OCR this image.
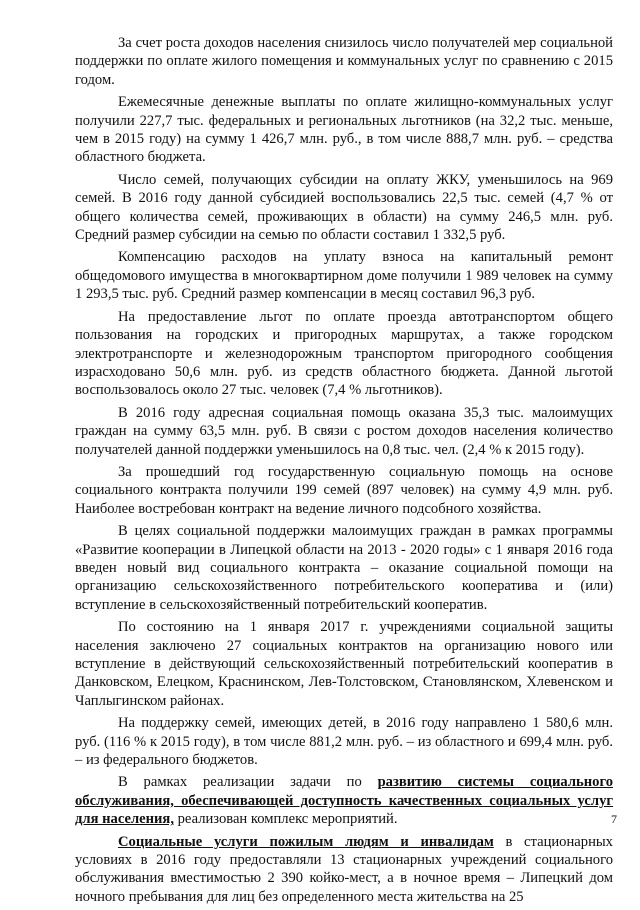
За счет роста доходов населения снизилось число получателей мер социальной поддержки по оплате жилого помещения и коммунальных услуг по сравнению с 2015 годом.

Ежемесячные денежные выплаты по оплате жилищно-коммунальных услуг получили 227,7 тыс. федеральных и региональных льготников (на 32,2 тыс. меньше, чем в 2015 году) на сумму 1 426,7 млн. руб., в том числе 888,7 млн. руб. – средства областного бюджета.

Число семей, получающих субсидии на оплату ЖКУ, уменьшилось на 969 семей. В 2016 году данной субсидией воспользовались 22,5 тыс. семей (4,7 % от общего количества семей, проживающих в области) на сумму 246,5 млн. руб. Средний размер субсидии на семью по области составил 1 332,5 руб.

Компенсацию расходов на уплату взноса на капитальный ремонт общедомового имущества в многоквартирном доме получили 1 989 человек на сумму 1 293,5 тыс. руб. Средний размер компенсации в месяц составил 96,3 руб.

На предоставление льгот по оплате проезда автотранспортом общего пользования на городских и пригородных маршрутах, а также городском электротранспорте и железнодорожным транспортом пригородного сообщения израсходовано 50,6 млн. руб. из средств областного бюджета. Данной льготой воспользовалось около 27 тыс. человек (7,4 % льготников).

В 2016 году адресная социальная помощь оказана 35,3 тыс. малоимущих граждан на сумму 63,5 млн. руб. В связи с ростом доходов населения количество получателей данной поддержки уменьшилось на 0,8 тыс. чел. (2,4 % к 2015 году).

За прошедший год государственную социальную помощь на основе социального контракта получили 199 семей (897 человек) на сумму 4,9 млн. руб. Наиболее востребован контракт на ведение личного подсобного хозяйства.

В целях социальной поддержки малоимущих граждан в рамках программы «Развитие кооперации в Липецкой области на 2013 - 2020 годы» с 1 января 2016 года введен новый вид социального контракта – оказание социальной помощи на организацию сельскохозяйственного потребительского кооператива и (или) вступление в сельскохозяйственный потребительский кооператив.

По состоянию на 1 января 2017 г. учреждениями социальной защиты населения заключено 27 социальных контрактов на организацию нового или вступление в действующий сельскохозяйственный потребительский кооператив в Данковском, Елецком, Краснинском, Лев-Толстовском, Становлянском, Хлевенском и Чаплыгинском районах.

На поддержку семей, имеющих детей, в 2016 году направлено 1 580,6 млн. руб. (116 % к 2015 году), в том числе 881,2 млн. руб. – из областного и 699,4 млн. руб. – из федерального бюджетов.

В рамках реализации задачи по развитию системы социального обслуживания, обеспечивающей доступность качественных социальных услуг для населения, реализован комплекс мероприятий.

Социальные услуги пожилым людям и инвалидам в стационарных условиях в 2016 году предоставляли 13 стационарных учреждений социального обслуживания вместимостью 2 390 койко-мест, а в ночное время – Липецкий дом ночного пребывания для лиц без определенного места жительства на 25

7
